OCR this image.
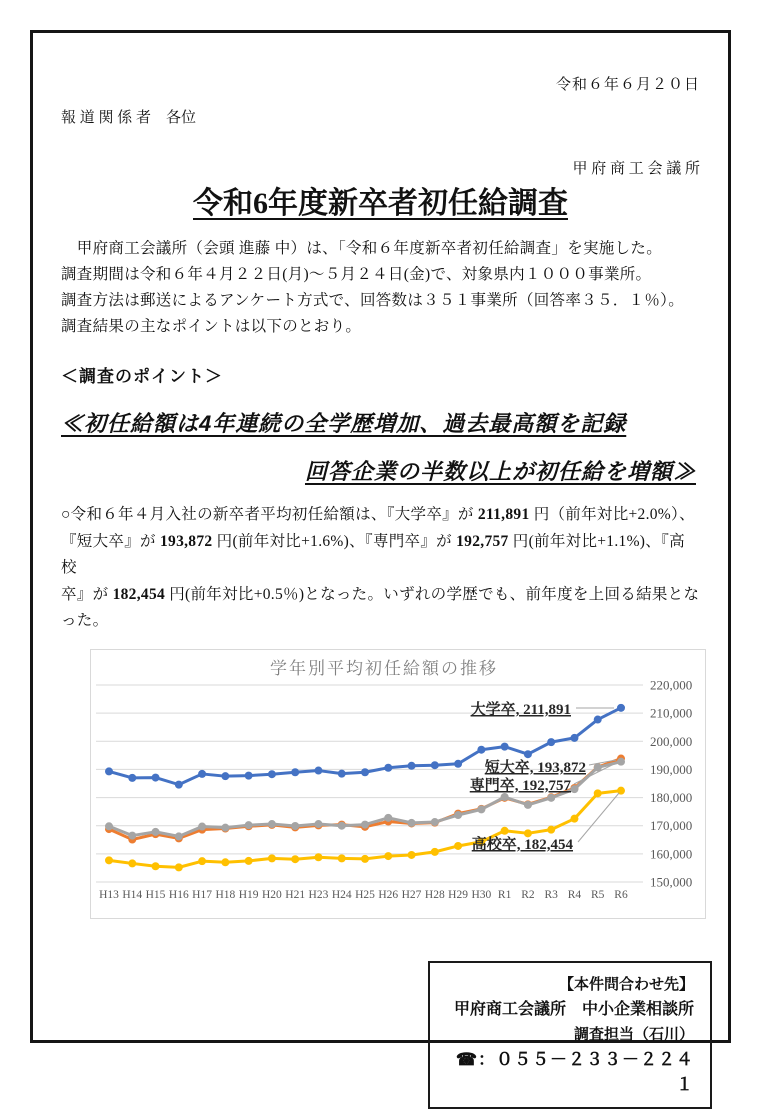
令和６年６月２０日
報 道 関 係 者　各位
甲 府 商 工 会 議 所
令和6年度新卒者初任給調査
　甲府商工会議所（会頭 進藤 中）は、「令和６年度新卒者初任給調査」を実施した。
調査期間は令和６年４月２２日(月)～５月２４日(金)で、対象県内１０００事業所。
調査方法は郵送によるアンケート方式で、回答数は３５１事業所（回答率３５．１％）。
調査結果の主なポイントは以下のとおり。
＜調査のポイント＞
≪初任給額は4年連続の全学歴増加、過去最高額を記録
回答企業の半数以上が初任給を増額≫
○令和６年４月入社の新卒者平均初任給額は、『大学卒』が 211,891 円（前年対比+2.0%）、
『短大卒』が 193,872 円(前年対比+1.6%)、『専門卒』が 192,757 円(前年対比+1.1%)、『高校
卒』が 182,454 円(前年対比+0.5％)となった。いずれの学歴でも、前年度を上回る結果とな
った。
150,000
160,000
170,000
180,000
190,000
200,000
210,000
220,000
学年別平均初任給額の推移
H13 H14 H15 H16 H17 H18 H19 H20 H21 H23 H24 H25 H26 H27 H28 H29 H30 R1 R2 R3 R4 R5 R6
大学卒, 211,891
短大卒, 193,872
専門卒, 192,757
高校卒, 182,454
【本件問合わせ先】
甲府商工会議所　中小企業相談所
調査担当（石川）
☎：０５５－２３３－２２４１
